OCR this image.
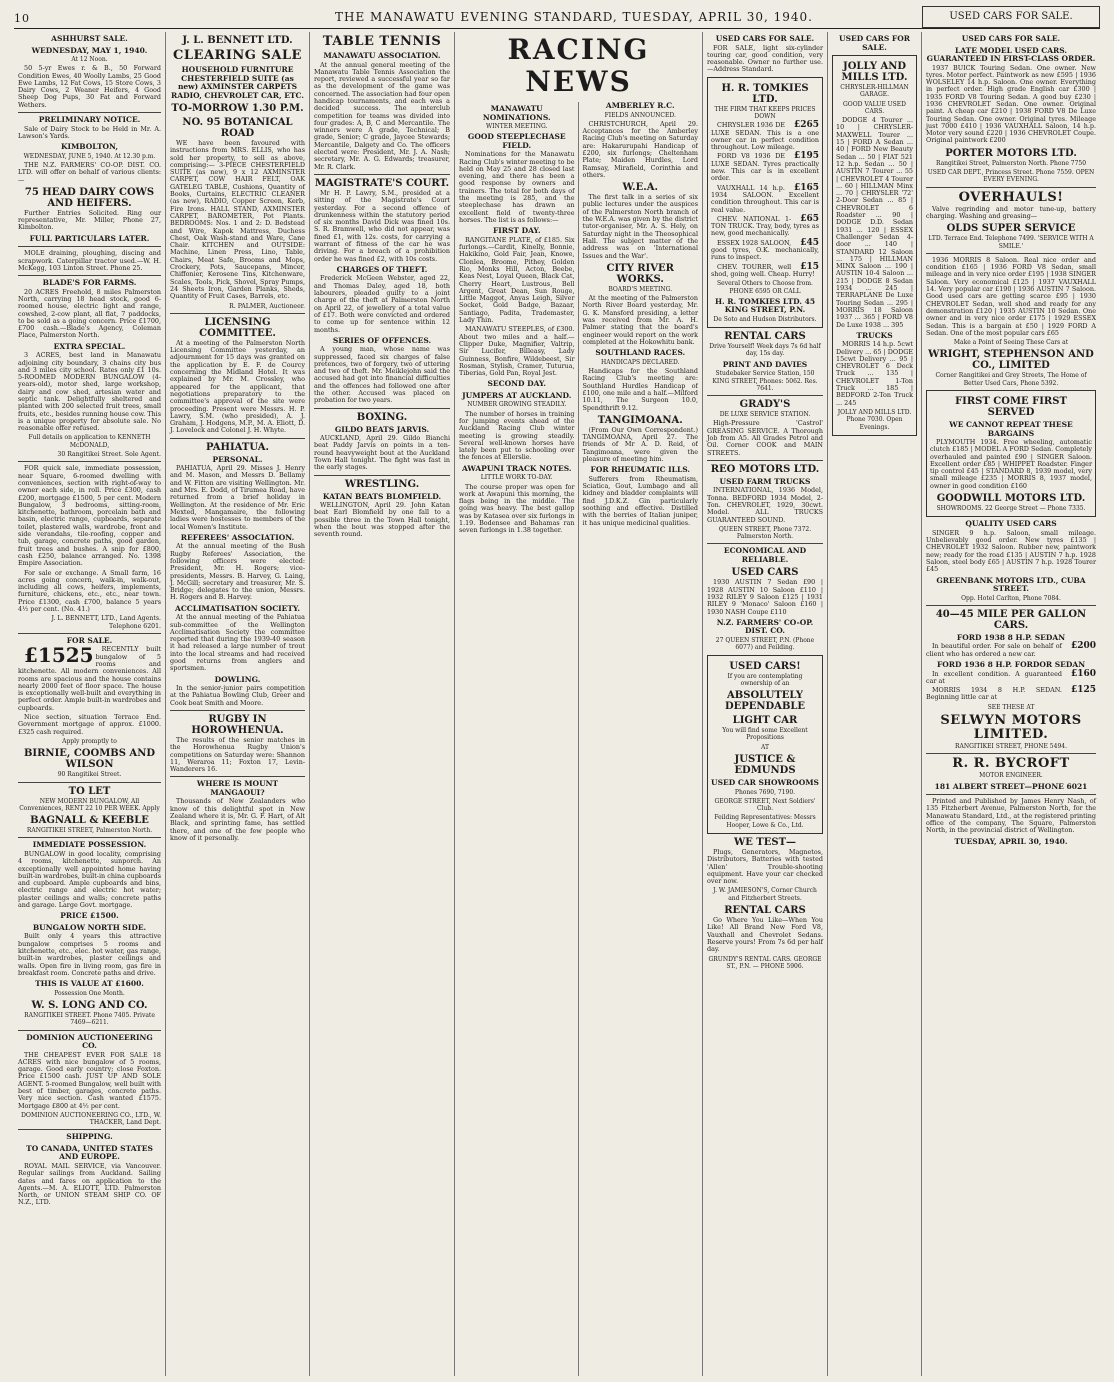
10	THE MANAWATU EVENING STANDARD, TUESDAY, APRIL 30, 1940.	USED CARS FOR SALE.
ASHHURST SALE.
WEDNESDAY, MAY 1, 1940.
At 12 Noon.

50 5-yr Ewes r. & B., 50 Forward Condition Ewes, 40 Woolly Lambs, 25 Good Ewe Lambs, 12 Fat Cows, 15 Store Cows, 3 Dairy Cows, 2 Weaner Heifers, 4 Good Sheep Dog Pups, 30 Fat and Forward Wethers.

PRELIMINARY NOTICE.

Sale of Dairy Stock to be Held in Mr. A. Lawson's Yards.

KIMBOLTON,
WEDNESDAY, JUNE 5, 1940. At 12.30 p.m.

THE N.Z. FARMERS' CO-OP. DIST. CO. LTD. will offer on behalf of various clients:—

75 HEAD DAIRY COWS AND HEIFERS.

Further Entries Solicited. Ring our representative, Mr. Miller, Phone 27, Kimbolton.

FULL PARTICULARS LATER.

MOLE draining, ploughing, discing and scrapwork. Caterpillar tractor used.—W. H. McKegg, 103 Linton Street. Phone 25.

BLADE'S FOR FARMS.

20 ACRES Freehold, 8 miles Palmerston North, carrying 18 head stock, good 6-roomed house, electric light and range, cowshed, 2-cow plant, all flat, 7 paddocks, to be sold as a going concern. Price £1700, £700 cash.—Blade's Agency, Coleman Place, Palmerston North.

EXTRA SPECIAL.

3 ACRES, best land in Manawatu adjoining city boundary, 3 chains city bus and 3 miles city school. Rates only £1 10s. 5-ROOMED MODERN BUNGALOW (4-years-old), motor shed, large workshop, dairy and cow shed, artesian water and septic tank. Delightfully sheltered and planted with 200 selected fruit trees, small fruits, etc., besides running house cow. This is a unique property for absolute sale. No reasonable offer refused.

Full details on application to KENNETH McDONALD,
30 Rangitikei Street. Sole Agent.

FOR quick sale, immediate possession, near Square, 6-roomed dwelling with conveniences, section with right-of-way to owner each side, in roll. Price £300, cash £200, mortgage £1500, 5 per cent. Modern Bungalow, 3 bedrooms, sitting-room, kitchenette, bathroom, porcelain bath and basin, electric range, cupboards, separate toilet, plastered walls, wardrobe, front and side verandahs, tile-roofing, copper and tub, garage, concrete paths, good garden, fruit trees and bushes. A snip for £800, cash £250, balance arranged. No. 1398 Empire Association.

For sale or exchange. A Small farm, 16 acres going concern, walk-in, walk-out, including all cows, heifers, implements, furniture, chickens, etc., etc., near town. Price £1300, cash £700, balance 5 years 4½ per cent. (No. 41.)

J. L. BENNETT, LTD., Land Agents. Telephone 6201.
FOR SALE.

£1525 RECENTLY built bungalow of 5 rooms and kitchenette. All modern conveniences. All rooms are spacious and the house contains nearly 2000 feet of floor space. The house is exceptionally well-built and everything in perfect order. Ample built-in wardrobes and cupboards.

Nice section, situation Terrace End. Government mortgage of approx. £1000. £325 cash required.

Apply promptly to
BIRNIE, COOMBS AND WILSON
90 Rangitikei Street.
TO LET
NEW MODERN BUNGALOW, All Conveniences, RENT 22 10 PER WEEK. Apply
BAGNALL & KEEBLE
RANGITIKEI STREET, Palmerston North.
IMMEDIATE POSSESSION.

BUNGALOW in good locality, comprising 4 rooms, kitchenette, sunporch. An exceptionally well appointed home having built-in wardrobes, built-in china cupboards and cupboard. Ample cupboards and bins, electric range and electric hot water; plaster ceilings and walls; concrete paths and garage. Large Govt. mortgage.

PRICE £1500.
BUNGALOW NORTH SIDE.

Built only 4 years this attractive bungalow comprises 5 rooms and kitchenette, etc., elec. hot water, gas range, built-in wardrobes, plaster ceilings and walls. Open fire in living room, gas fire in breakfast room. Concrete paths and drive.

THIS IS VALUE AT £1600.
Possession One Month.
W. S. LONG AND CO.
RANGITIKEI STREET. Phone 7405. Private 7469—6211.
DOMINION AUCTIONEERING CO.

THE CHEAPEST EVER FOR SALE 18 ACRES with nice bungalow of 5 rooms, garage. Good early country; close Foxton. Price £1500 cash. JUST UP AND SOLE AGENT. 5-roomed Bungalow, well built with best of timber, garages, concrete paths. Very nice section. Cash wanted £1575. Mortgage £800 at 4½ per cent.

DOMINION AUCTIONEERING CO., LTD., W. THACKER, Land Dept.
SHIPPING.
TO CANADA, UNITED STATES AND EUROPE.

ROYAL MAIL SERVICE, via Vancouver. Regular sailings from Auckland. Sailing dates and fares on application to the Agents.—M. A. ELIOTT, LTD. Palmerston North, or UNION STEAM SHIP CO. OF N.Z., LTD.

J. L. BENNETT LTD.
CLEARING SALE
HOUSEHOLD FURNITURE CHESTERFIELD SUITE (as new) AXMINSTER CARPETS RADIO, CHEVROLET CAR, ETC.
TO-MORROW 1.30 P.M.
NO. 95 BOTANICAL ROAD

WE have been favoured with instructions from MRS. ELLIS, who has sold her property, to sell as above, comprising:— 3-PIECE CHESTERFIELD SUITE (as new), 9 x 12 AXMINSTER CARPET, COW HAIR FELT, OAK GATELEG TABLE, Cushions, Quantity of Books, Curtains, ELECTRIC CLEANER (as new), RADIO, Copper Screen, Kerb, Fire Irons. HALL STAND, AXMINSTER CARPET, BAROMETER, Pot Plants. BEDROOMS: Nos. 1 and 2: D. Bedstead and Wire, Kapok Mattress, Duchess Chest, Oak Wash-stand and Ware, Cane Chair. KITCHEN and OUTSIDE: Machine, Linen Press, Lino, Table, Chairs, Meat Safe, Brooms and Mops, Crockery, Pots, Saucepans, Mincer, Chiffonier, Kerosene Tins, Kitchenware, Scales, Tools, Pick, Shovel, Spray Pumps, 24 Sheets Iron, Garden Planks, Sheds, Quantity of Fruit Cases, Barrels, etc.

R. PALMER, Auctioneer.
LICENSING COMMITTEE.

At a meeting of the Palmerston North Licensing Committee yesterday, an adjournment for 15 days was granted on the application by E. F. de Courcy concerning the Midland Hotel. It was explained by Mr. M. Crossley, who appeared for the applicant, that negotiations preparatory to the committee's approval of the site were proceeding. Present were Messrs. H. P. Lawry, S.M. (who presided), A. J. Graham, J. Hodgens, M.P., M. A. Eliott, D. J. Lovelock and Colonel J. H. Whyte.

PAHIATUA.
PERSONAL.

PAHIATUA, April 29. Misses J. Henry and M. Mason, and Messrs D. Bellamy and W. Fitton are visiting Wellington. Mr. and Mrs. E. Dodd, of Tirumea Road, have returned from a brief holiday in Wellington. At the residence of Mr. Eric Mexted, Mangamaire, the following ladies were hostesses to members of the local Women's Institute.

REFEREES' ASSOCIATION.

At the annual meeting of the Bush Rugby Referees' Association, the following officers were elected: President, Mr. H. Rogers; vice-presidents, Messrs. B. Harvey, G. Laing, J. McGill; secretary and treasurer, Mr. S. Bridge; delegates to the union, Messrs. H. Rogers and B. Harvey.

ACCLIMATISATION SOCIETY.

At the annual meeting of the Pahiatua sub-committee of the Wellington Acclimatisation Society the committee reported that during the 1939-40 season it had released a large number of trout into the local streams and had received good returns from anglers and sportsmen.

DOWLING.

In the senior-junior pairs competition at the Pahiatua Bowling Club, Greer and Cook beat Smith and Moore.

RUGBY IN HOROWHENUA.

The results of the senior matches in the Horowhenua Rugby Union's competitions on Saturday were: Shannon 11, Weraroa 11; Foxton 17, Levin-Wanderers 16.

WHERE IS MOUNT MANGAOUI?

Thousands of New Zealanders who know of this delightful spot in New Zealand where it is, Mr. G. F. Hart, of Alt Black, and sprinting fame, has settled there, and one of the few people who know of it personally.

TABLE TENNIS
MANAWATU ASSOCIATION.

At the annual general meeting of the Manawatu Table Tennis Association the report, reviewed a successful year so far as the development of the game was concerned. The association had four open handicap tournaments, and each was a decided success. The interclub competition for teams was divided into four grades: A, B, C and Mercantile. The winners were A grade, Technical; B grade, Senior; C grade, Jaycee Stewards; Mercantile, Dalgety and Co. The officers elected were: President, Mr. J. A. Nash; secretary, Mr. A. G. Edwards; treasurer, Mr. R. Clark.

MAGISTRATE'S COURT.

Mr H. P. Lawry, S.M., presided at a sitting of the Magistrate's Court yesterday. For a second offence of drunkenness within the statutory period of six months David Dick was fined 10s. S. R. Bramwell, who did not appear, was fined £1, with 12s. costs, for carrying a warrant of fitness of the car he was driving. For a breach of a prohibition order he was fined £2, with 10s costs.

CHARGES OF THEFT.

Frederick McGeen Webster, aged 22, and Thomas Daley, aged 18, both labourers, pleaded guilty to a joint charge of the theft at Palmerston North on April 22, of jewellery of a total value of £17. Both were convicted and ordered to come up for sentence within 12 months.

SERIES OF OFFENCES.

A young man, whose name was suppressed, faced six charges of false pretences, two of forgery, two of uttering and two of theft. Mr. Meiklejohn said the accused had got into financial difficulties and the offences had followed one after the other. Accused was placed on probation for two years.

BOXING.
GILDO BEATS JARVIS.

AUCKLAND, April 29. Gildo Bianchi beat Paddy Jarvis on points in a ten-round heavyweight bout at the Auckland Town Hall tonight. The fight was fast in the early stages.

WRESTLING.
KATAN BEATS BLOMFIELD.

WELLINGTON, April 29. John Katan beat Earl Blomfield by one fall to a possible three in the Town Hall tonight, when the bout was stopped after the seventh round.

RACING NEWS
MANAWATU NOMINATIONS.
WINTER MEETING.
GOOD STEEPLECHASE FIELD.

Nominations for the Manawatu Racing Club's winter meeting to be held on May 25 and 28 closed last evening, and there has been a good response by owners and trainers. The total for both days of the meeting is 285, and the steeplechase has drawn an excellent field of twenty-three horses. The list is as follows:—

FIRST DAY.

RANGITANE PLATE, of £185. Six furlongs.—Cardit, Kinelly, Bonnie, Hakikino, Gold Fair, Jean, Knowe, Clonlea, Broome, Pithey, Golden Rio, Monks Hill, Acton, Beebe, Keas Nest, Loyal Queen, Black Cat, Cherry Heart, Lustrous, Bell Argent, Great Dean, Sun Rouge, Little Maggot, Anyas Leigh, Silver Socket, Gold Badge, Bazaar, Santiago, Padita, Trademaster, Lady Thin.

MANAWATU STEEPLES, of £300. About two miles and a half.—Clipper Duke, Magnifier, Valtrip, Sir Lucifer, Billeasy, Lady Guinness, Bonfire, Wildebeest, Sir Rosman, Stylish, Cramer, Tuturua, Tiberias, Gold Pan, Royal Jest.

SECOND DAY.
JUMPERS AT AUCKLAND.
NUMBER GROWING STEADILY.

The number of horses in training for jumping events ahead of the Auckland Racing Club winter meeting is growing steadily. Several well-known horses have lately been put to schooling over the fences at Ellerslie.

AWAPUNI TRACK NOTES.
LITTLE WORK TO-DAY.

The course proper was open for work at Awapuni this morning, the flags being in the middle. The going was heavy. The best gallop was by Katasea over six furlongs in 1.19. Bodensee and Bahamas ran seven furlongs in 1.38 together.

AMBERLEY R.C.
FIELDS ANNOUNCED.

CHRISTCHURCH, April 29. Acceptances for the Amberley Racing Club's meeting on Saturday are: Hakarurupahi Handicap of £200, six furlongs; Cheltenham Plate; Maiden Hurdles, Lord Ramsay, Mirafield, Corinthia and others.

W.E.A.

The first talk in a series of six public lectures under the auspices of the Palmerston North branch of the W.E.A. was given by the district tutor-organiser, Mr. A. S. Hely, on Saturday night in the Theosophical Hall. The subject matter of the address was on 'International Issues and the War'.

CITY RIVER WORKS.
BOARD'S MEETING.

At the meeting of the Palmerston North River Board yesterday, Mr. G. K. Mansford presiding, a letter was received from Mr. A. H. Palmer stating that the board's engineer would report on the work completed at the Hokowhitu bank.

SOUTHLAND RACES.
HANDICAPS DECLARED.

Handicaps for the Southland Racing Club's meeting are: Southland Hurdles Handicap of £100, one mile and a half.—Milford 10.11, The Surgeon 10.0, Spendthrift 9.12.

TANGIMOANA.

(From Our Own Correspondent.) TANGIMOANA, April 27. The friends of Mr A. D. Reid, of Tangimoana, were given the pleasure of meeting him.

FOR RHEUMATIC ILLS.

Sufferers from Rheumatism, Sciatica, Gout, Lumbago and all kidney and bladder complaints will find J.D.K.Z. Gin particularly soothing and effective. Distilled with the berries of Italian juniper, it has unique medicinal qualities.

USED CARS FOR SALE.

FOR SALE, light six-cylinder touring car, good condition, very reasonable. Owner no further use.—Address Standard.

H. R. TOMKIES LTD.
THE FIRM THAT KEEPS PRICES DOWN

£265
CHRYSLER 1936 DE LUXE SEDAN. This is a one owner car in perfect condition throughout. Low mileage.

£195
FORD V8 1936 DE LUXE SEDAN. Tyres practically new. This car is in excellent order.

£165
VAUXHALL 14 h.p. 1934 SALOON. Excellent condition throughout. This car is real value.

£65
CHEV. NATIONAL 1-TON TRUCK. Tray, body, tyres as new, good mechanically.

£45
ESSEX 1928 SALOON, good tyres, O.K. mechanically, runs to inspect.

£15
CHEV. TOURER, well shod, going well. Cheap. Hurry!

Several Others to Choose from. PHONE 6595 OR CALL
H. R. TOMKIES LTD. 45 KING STREET, P.N.
De Soto and Hudson Distributors.
RENTAL CARS
Drive Yourself! Week days 7s 6d half day, 15s day.
PRINT AND DAVIES
Studebaker Service Station, 150 KING STREET, Phones: 5062. Res. 7641.
GRADY'S
DE LUXE SERVICE STATION.

High-Pressure 'Castrol' GREASING SERVICE. A Thorough Job from A5. All Grades Petrol and Oil. Corner COOK and MAIN STREETS.

REO MOTORS LTD.
USED FARM TRUCKS

INTERNATIONAL, 1936 Model, Tonna. BEDFORD 1934 Model, 2-Ton. CHEVROLET, 1929, 30cwt. Model. ALL TRUCKS GUARANTEED SOUND.

QUEEN STREET, Phone 7372. Palmerston North.
ECONOMICAL AND RELIABLE.
USED CARS

1930 AUSTIN 7 Sedan £90 | 1928 AUSTIN 10 Saloon £110 | 1932 RILEY 9 Saloon £125 | 1931 RILEY 9 'Monaco' Saloon £160 | 1930 NASH Coupe £110

N.Z. FARMERS' CO-OP. DIST. CO.
27 QUEEN STREET, P.N. (Phone 6077) and Feilding.
USED CARS!
If you are contemplating ownership of an
ABSOLUTELY DEPENDABLE
LIGHT CAR
You will find some Excellent Propositions
AT
JUSTICE & EDMUNDS
USED CAR SHOWROOMS
Phones 7690, 7190.
GEORGE STREET, Next Soldiers' Club.
Feilding Representatives: Messrs Hooper, Lowe & Co., Ltd.
WE TEST—

Plugs, Generators, Magnetos, Distributors, Batteries with tested 'Allen' Trouble-shooting equipment. Have your car checked over now.

J. W. JAMIESON'S, Corner Church and Fitzherbert Streets.
RENTAL CARS

Go Where You Like—When You Like! All Brand New Ford V8, Vauxhall and Chevrolet Sedans. Reserve yours! From 7s 6d per half day.

GRUNDY'S RENTAL CARS. GEORGE ST., P.N. — PHONE 5906.
USED CARS FOR SALE.
JOLLY AND MILLS LTD.
CHRYSLER-HILLMAN GARAGE.
GOOD VALUE USED CARS.

DODGE 4 Tourer ... 10 | CHRYSLER-MAXWELL Tourer ... 15 | FORD A Sedan ... 40 | FORD New Beauty Sedan ... 50 | FIAT 521 12 h.p. Sedan ... 50 | AUSTIN 7 Tourer ... 55 | CHEVROLET 4 Tourer ... 60 | HILLMAN Minx ... 70 | CHRYSLER '72' 2-Door Sedan ... 85 | CHEVROLET 6 Roadster ... 90 | DODGE D.D. Sedan 1931 ... 120 | ESSEX Challenger Sedan 4-door ... 140 | STANDARD 12 Saloon ... 175 | HILLMAN MINX Saloon ... 190 | AUSTIN 10-4 Saloon ... 215 | DODGE 8 Sedan 1934 ... 245 | TERRAPLANE De Luxe Touring Sedan ... 295 | MORRIS 18 Saloon 1937 ... 365 | FORD V8 De Luxe 1938 ... 395

TRUCKS

MORRIS 14 h.p. 5cwt Delivery ... 65 | DODGE 15cwt Delivery ... 95 | CHEVROLET 6 Deck Truck ... 135 | CHEVROLET 1-Ton Truck ... 185 | BEDFORD 2-Ton Truck ... 245

JOLLY AND MILLS LTD. Phone 7030. Open Evenings.
USED CARS FOR SALE.
LATE MODEL USED CARS. GUARANTEED IN FIRST-CLASS ORDER.

1937 BUICK Touring Sedan. One owner. New tyres. Motor perfect. Paintwork as new £595 | 1936 WOLSELEY 14 h.p. Saloon. One owner. Everything in perfect order. High grade English car £300 | 1935 FORD V8 Touring Sedan. A good buy £230 | 1936 CHEVROLET Sedan. One owner. Original paint. A cheap car £210 | 1938 FORD V8 De Luxe Touring Sedan. One owner. Original tyres. Mileage just 7000 £410 | 1936 VAUXHALL Saloon, 14 h.p. Motor very sound £220 | 1936 CHEVROLET Coupe. Original paintwork £200

PORTER MOTORS LTD.
Rangitikei Street, Palmerston North. Phone 7750
USED CAR DEPT., Princess Street. Phone 7559. OPEN EVERY EVENING.
OVERHAULS!

Valve regrinding and motor tune-up, battery charging. Washing and greasing—

OLDS SUPER SERVICE
LTD. Terrace End. Telephone 7499. 'SERVICE WITH A SMILE.'

1936 MORRIS 8 Saloon. Real nice order and condition £165 | 1936 FORD V8 Sedan, small mileage and in very nice order £195 | 1938 SINGER Saloon. Very economical £125 | 1937 VAUXHALL 14. Very popular car £190 | 1936 AUSTIN 7 Saloon. Good used cars are getting scarce £95 | 1930 CHEVROLET Sedan, well shod and ready for any demonstration £120 | 1935 AUSTIN 10 Sedan. One owner and in very nice order £175 | 1929 ESSEX Sedan. This is a bargain at £50 | 1929 FORD A Sedan. One of the most popular cars £65

Make a Point of Seeing These Cars at
WRIGHT, STEPHENSON AND CO., LIMITED
Corner Rangitikei and Grey Streets, The Home of Better Used Cars, Phone 5392.
FIRST COME FIRST SERVED
WE CANNOT REPEAT THESE BARGAINS

PLYMOUTH 1934. Free wheeling, automatic clutch £185 | MODEL A FORD Sedan. Completely overhauled and painted £90 | SINGER Saloon. Excellent order £85 | WHIPPET Roadster. Finger tip control £45 | STANDARD 8, 1939 model, very small mileage £235 | MORRIS 8, 1937 model, owner in good condition £160

GOODWILL MOTORS LTD.
SHOWROOMS. 22 George Street — Phone 7335.
QUALITY USED CARS

SINGER 9 h.p. Saloon, small mileage. Unbelievably good order. New tyres £135 | CHEVROLET 1932 Saloon. Rubber new, paintwork new; ready for the road £135 | AUSTIN 7 h.p. 1928 Saloon, steel body £65 | AUSTIN 7 h.p. 1928 Tourer £45

GREENBANK MOTORS LTD., CUBA STREET.
Opp. Hotel Carlton, Phone 7084.
40—45 MILE PER GALLON CARS.
FORD 1938 8 H.P. SEDAN

£200
In beautiful order. For sale on behalf of client who has ordered a new car.

FORD 1936 8 H.P. FORDOR SEDAN

£160
In excellent condition. A guaranteed car at

£125
MORRIS 1934 8 H.P. SEDAN. Beginning little car at

SEE THESE AT
SELWYN MOTORS LIMITED.
RANGITIKEI STREET, PHONE 5494.
R. R. BYCROFT
MOTOR ENGINEER.
181 ALBERT STREET—PHONE 6021

Printed and Published by James Henry Nash, of 135 Fitzherbert Avenue, Palmerston North, for the Manawatu Standard, Ltd., at the registered printing office of the company, The Square, Palmerston North, in the provincial district of Wellington.

TUESDAY, APRIL 30, 1940.
